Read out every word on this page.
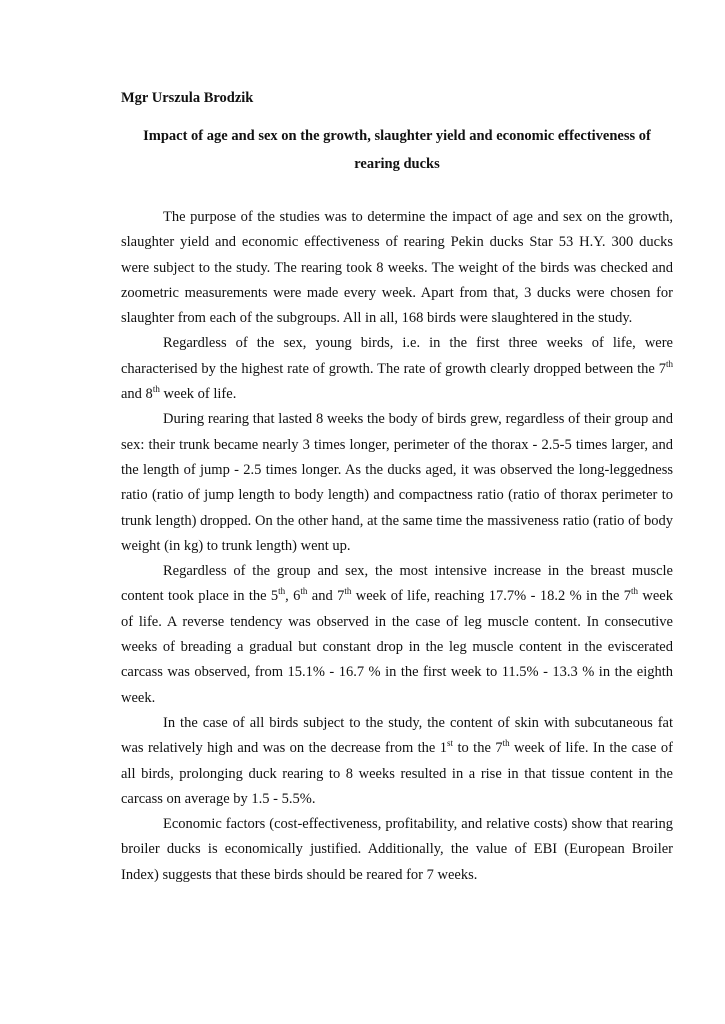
Mgr Urszula Brodzik

Impact of age and sex on the growth, slaughter yield and economic effectiveness of rearing ducks

The purpose of the studies was to determine the impact of age and sex on the growth, slaughter yield and economic effectiveness of rearing Pekin ducks Star 53 H.Y. 300 ducks were subject to the study. The rearing took 8 weeks. The weight of the birds was checked and zoometric measurements were made every week. Apart from that, 3 ducks were chosen for slaughter from each of the subgroups. All in all, 168 birds were slaughtered in the study.

Regardless of the sex, young birds, i.e. in the first three weeks of life, were characterised by the highest rate of growth. The rate of growth clearly dropped between the 7th and 8th week of life.

During rearing that lasted 8 weeks the body of birds grew, regardless of their group and sex: their trunk became nearly 3 times longer, perimeter of the thorax - 2.5-5 times larger, and the length of jump - 2.5 times longer. As the ducks aged, it was observed the long-leggedness ratio (ratio of jump length to body length) and compactness ratio (ratio of thorax perimeter to trunk length) dropped. On the other hand, at the same time the massiveness ratio (ratio of body weight (in kg) to trunk length) went up.

Regardless of the group and sex, the most intensive increase in the breast muscle content took place in the 5th, 6th and 7th week of life, reaching 17.7% - 18.2 % in the 7th week of life. A reverse tendency was observed in the case of leg muscle content. In consecutive weeks of breading a gradual but constant drop in the leg muscle content in the eviscerated carcass was observed, from 15.1% - 16.7 % in the first week to 11.5% - 13.3 % in the eighth week.

In the case of all birds subject to the study, the content of skin with subcutaneous fat was relatively high and was on the decrease from the 1st to the 7th week of life. In the case of all birds, prolonging duck rearing to 8 weeks resulted in a rise in that tissue content in the carcass on average by 1.5 - 5.5%.

Economic factors (cost-effectiveness, profitability, and relative costs) show that rearing broiler ducks is economically justified. Additionally, the value of EBI (European Broiler Index) suggests that these birds should be reared for 7 weeks.
